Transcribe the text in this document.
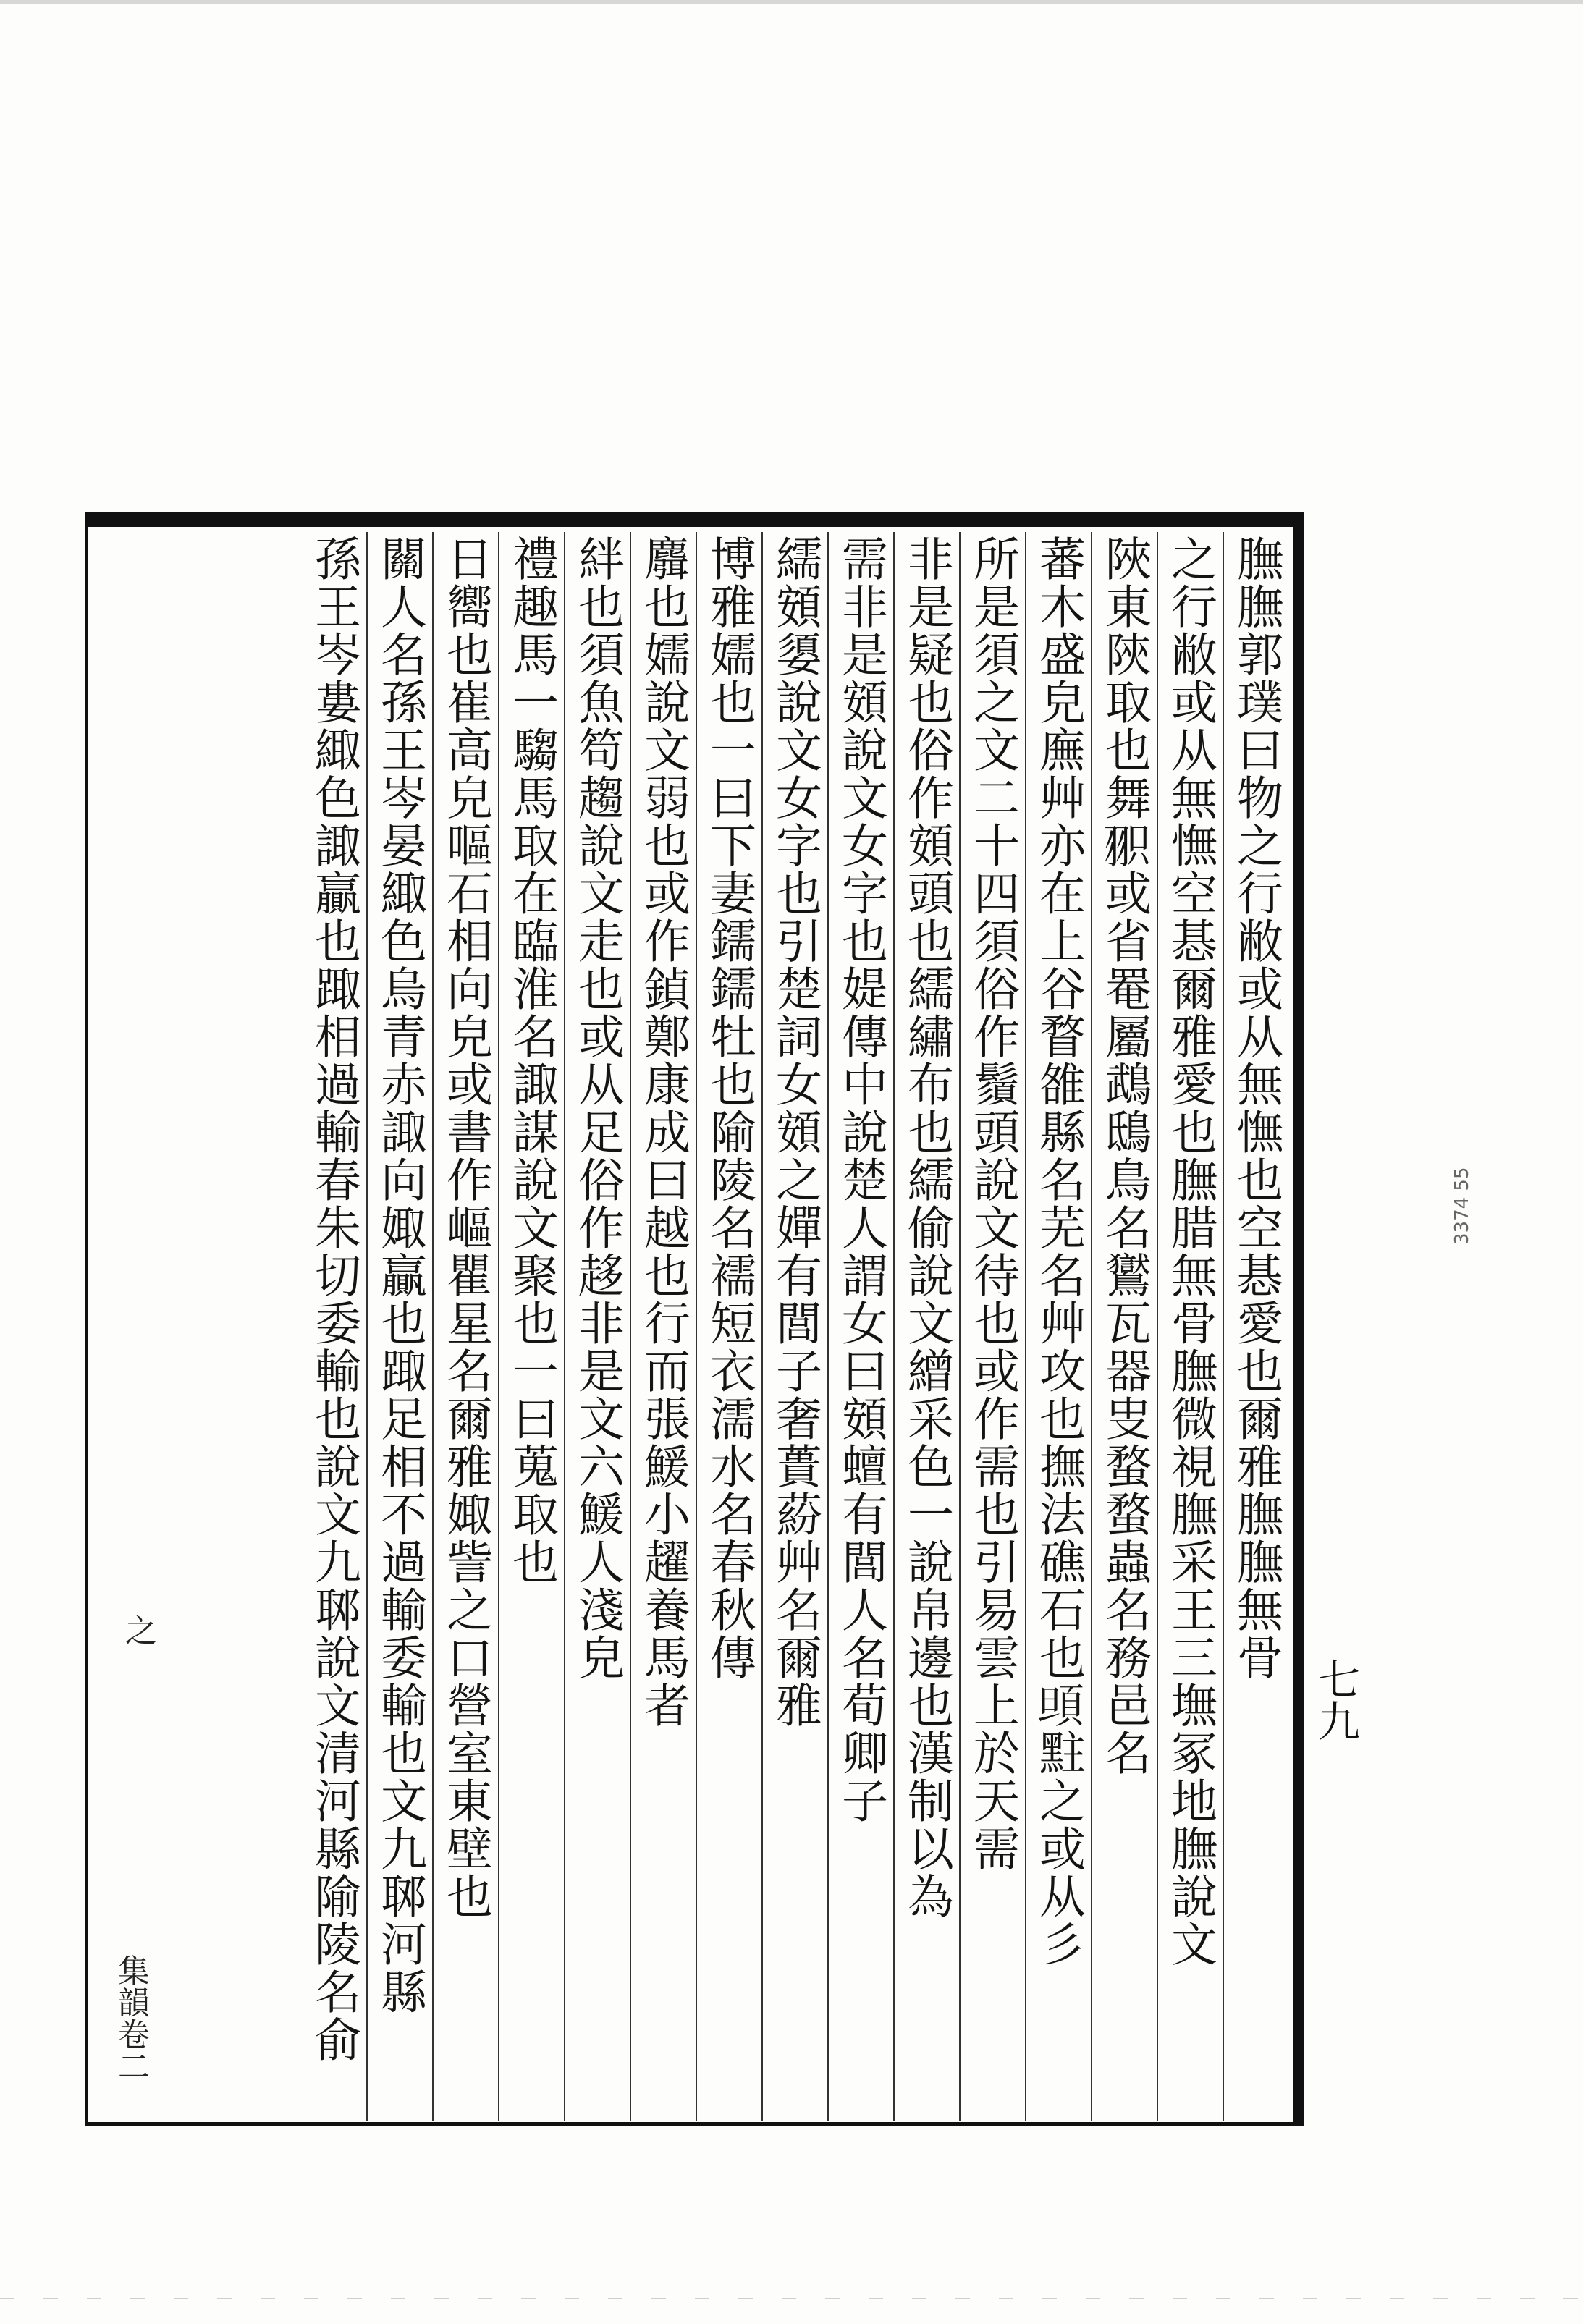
膴膴郭璞曰物之行敝或从無憮也空惎愛也爾雅膴膴無骨
之行敝或从無憮空惎爾雅愛也膴腊無骨膴微視膴采王三墲冢地膴說文
陜東陝取也舞𦐖或省罨屬鵡鴟鳥名鸑瓦器㕜蝥蝥蟲名務邑名
蕃木盛皃廡艸亦在上谷瞀雒縣名芜名艸攻也撫法礁石也𩑰𪐴之或从彡
所是須之文二十四須俗作鬚頭說文待也或作需也引易雲上於天需
非是疑也俗作頞頭也繻繡布也繻偷說文繒采色一說帛邊也漢制以為
需非是頞說文女字也媞傳中說楚人謂女曰頞蟺有閭人名荀卿子
繻頞嬃說文女字也引楚詞女頞之嬋有閭子奢蕢蒶艸名爾雅
博雅嬬也一曰下妻鑐鑐牡也隃陵名襦短衣濡水名春秋傳
麛也嬬說文弱也或作鍞鄭康成曰越也行而張鰀小趯養馬者
絆也須魚笱趨說文走也或从足俗作趍非是文六鰀人淺皃
禮趣馬一騶馬取在臨淮名諏謀說文聚也一曰蒐取也
日嚮也崔高皃嘔石相向皃或書作嶇瞿星名爾雅娵訾之口營室東壁也
關人名孫王岑晏緅色烏青赤諏向娵贏也踙足相不過輸委輸也文九郰河縣
孫王岑婁緅色諏贏也踙相過輸春朱切委輸也說文九郰說文清河縣隃陵名俞
集韻卷二
之
七九
3374 55
